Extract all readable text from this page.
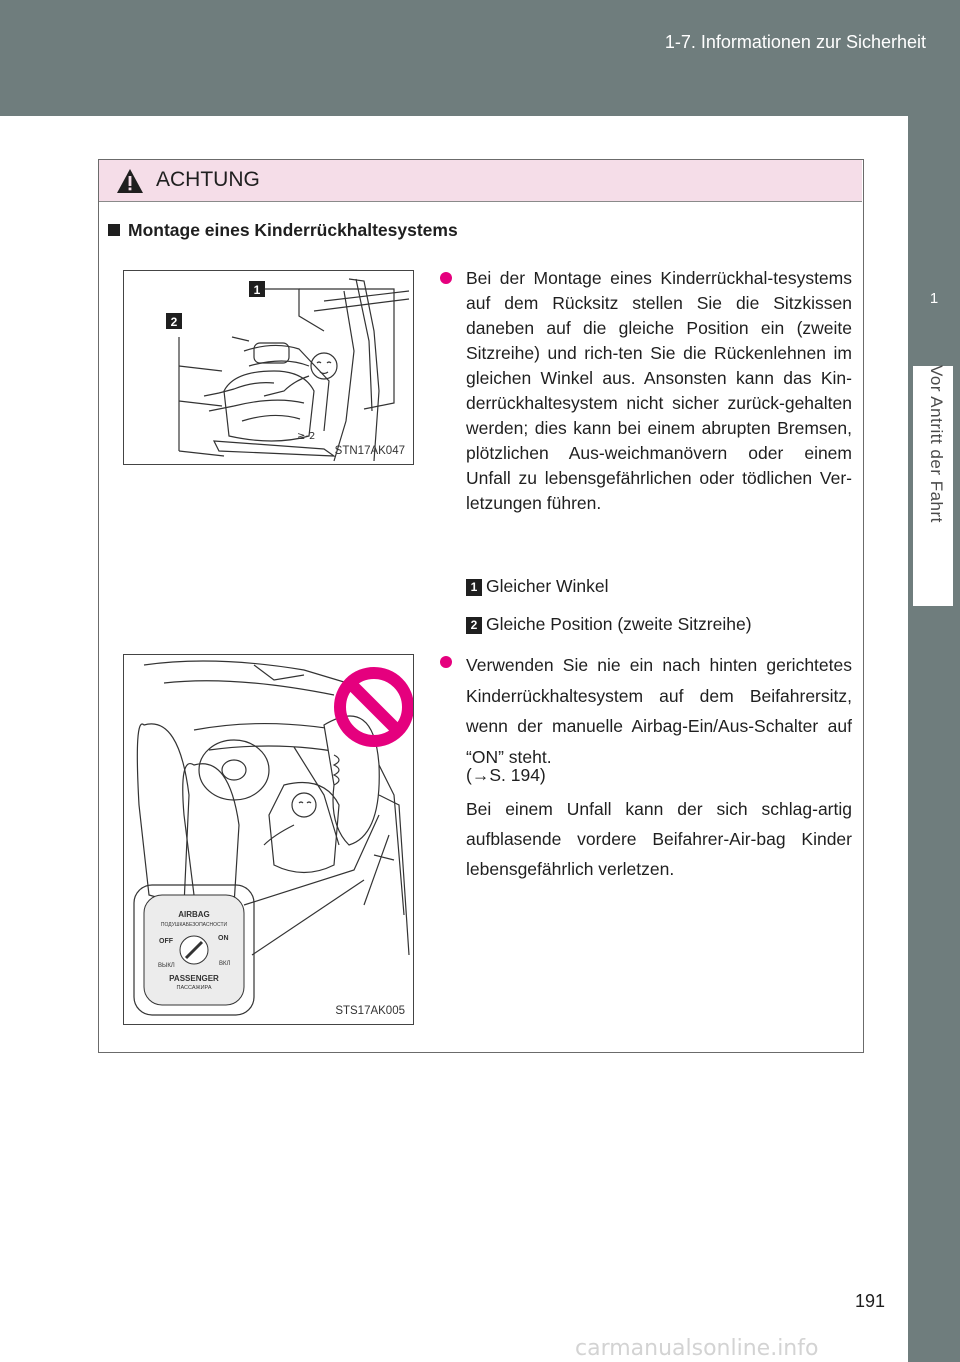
1-7. Informationen zur Sicherheit
1
Vor Antritt der Fahrt
ACHTUNG
Montage eines Kinderrückhaltesystems
≥-2
1
2
STN17AK047
AIRBAG
ПОДУШКАБЕЗОПАСНОСТИ
OFF
ВЫКЛ
ON
ВКЛ
PASSENGER
ПАССАЖИРА
STS17AK005
Bei der Montage eines Kinderrückhal-tesystems auf dem Rücksitz stellen Sie die Sitzkissen daneben auf die gleiche Position ein (zweite Sitzreihe) und rich-ten Sie die Rückenlehnen im gleichen Winkel aus. Ansonsten kann das Kin-derrückhaltesystem nicht sicher zurück-gehalten werden; dies kann bei einem abrupten Bremsen, plötzlichen Aus-weichmanövern oder einem Unfall zu lebensgefährlichen oder tödlichen Ver-letzungen führen.
1 Gleicher Winkel
2 Gleiche Position (zweite Sitzreihe)
Verwenden Sie nie ein nach hinten gerichtetes Kinderrückhaltesystem auf dem Beifahrersitz, wenn der manuelle Airbag-Ein/Aus-Schalter auf “ON” steht.
(→S. 194)
Bei einem Unfall kann der sich schlag-artig aufblasende vordere Beifahrer-Air-bag Kinder lebensgefährlich verletzen.
191
carmanualsonline.info
